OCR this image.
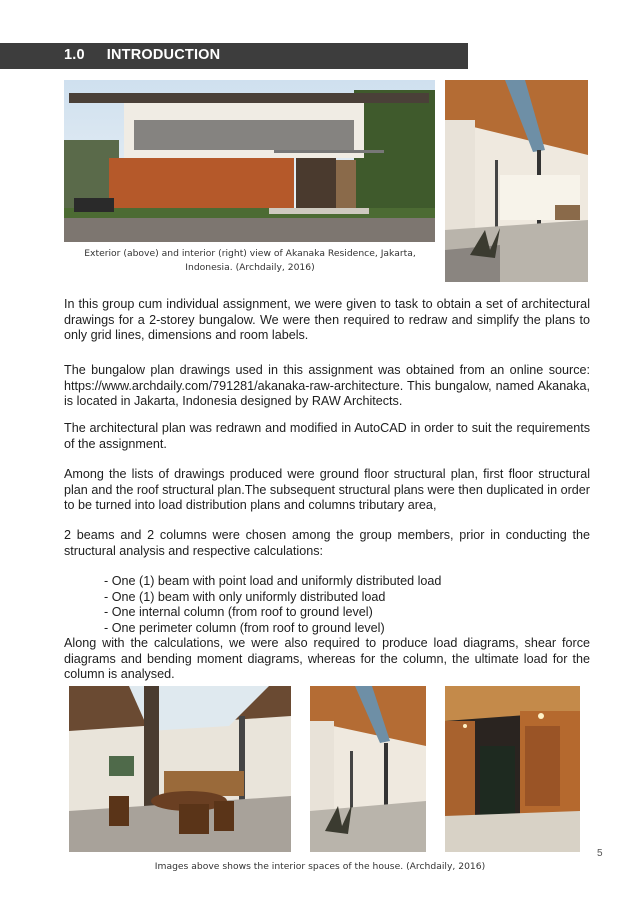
1.0 INTRODUCTION
Exterior (above) and interior (right) view of Akanaka Residence, Jakarta,
Indonesia. (Archdaily, 2016)

In this group cum individual assignment, we were given to task to obtain a set of architectural drawings for a 2-storey bungalow. We were then required to redraw and simplify the plans to only grid lines, dimensions and room labels.

The bungalow plan drawings used in this assignment was obtained from an online source: https://www.archdaily.com/791281/akanaka-raw-architecture. This bungalow, named Akanaka, is located in Jakarta, Indonesia designed by RAW Architects.

The architectural plan was redrawn and modified in AutoCAD in order to suit the requirements of the assignment.

Among the lists of drawings produced were ground floor structural plan, first floor structural plan and the roof structural plan.The subsequent structural plans were then duplicated in order to be turned into load distribution plans and columns tributary area,

2 beams and 2 columns were chosen among the group members, prior in conducting the structural analysis and respective calculations:

- One (1) beam with point load and uniformly distributed load
- One (1) beam with only uniformly distributed load
- One internal column (from roof to ground level)
- One perimeter column (from roof to ground level)

Along with the calculations, we were also required to produce load diagrams, shear force diagrams and bending moment diagrams, whereas for the column, the ultimate load for the column is analysed.

5
Images above shows the interior spaces of the house. (Archdaily, 2016)
